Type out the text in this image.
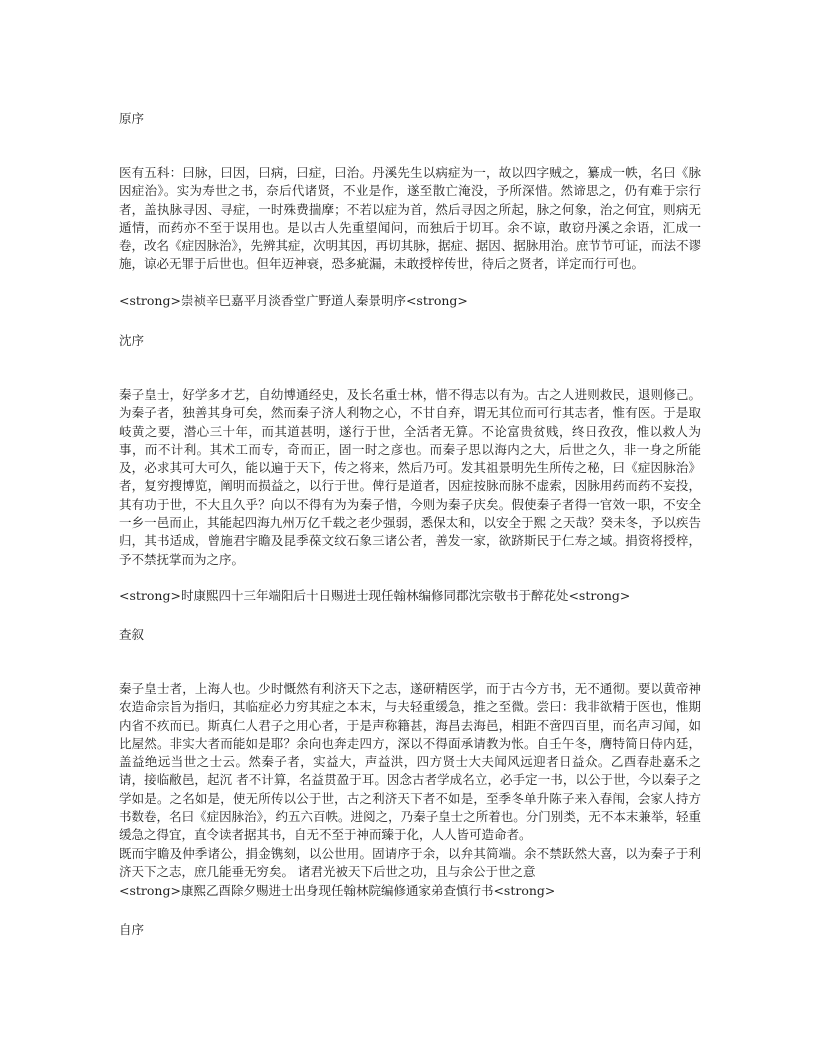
原序
医有五科：曰脉，曰因，曰病，曰症，曰治。丹溪先生以病症为一，故以四字贼之，纂成一帙，名曰《脉因症治》。实为寿世之书，奈后代诸贤，不业是作，遂至散亡淹没，予所深惜。然谛思之，仍有难于宗行者，盖执脉寻因、寻症，一时殊费揣摩；不若以症为首，然后寻因之所起，脉之何象，治之何宜，则病无遁情，而药亦不至于误用也。是以古人先重望闻问，而独后于切耳。余不谅，敢窃丹溪之余语，汇成一卷，改名《症因脉治》，先辨其症，次明其因，再切其脉，据症、据因、据脉用治。庶节节可证，而法不谬施，谅必无罪于后世也。但年迈神衰，恐多疵漏，未敢授梓传世，待后之贤者，详定而行可也。
<strong>崇祯辛巳嘉平月淡香堂广野道人秦景明序<strong>
沈序
秦子皇士，好学多才艺，自幼博通经史，及长名重士林，惜不得志以有为。古之人进则救民，退则修己。为秦子者，独善其身可矣，然而秦子济人利物之心，不甘自弃，谓无其位而可行其志者，惟有医。于是取岐黄之要，潜心三十年，而其道甚明，遂行于世，全活者无算。不论富贵贫贱，终日孜孜，惟以救人为事，而不计利。其术工而专，奇而正，固一时之彦也。而秦子思以海内之大，后世之久，非一身之所能及，必求其可大可久，能以遍于天下，传之将来，然后乃可。发其祖景明先生所传之秘，曰《症因脉治》者，复穷搜博览，阐明而损益之，以行于世。俾行是道者，因症按脉而脉不虚索，因脉用药而药不妄投，其有功于世，不大且久乎？向以不得有为为秦子惜，今则为秦子庆矣。假使秦子者得一官效一职，不安全一乡一邑而止，其能起四海九州万亿千载之老少强弱，悉保太和，以安全于熙 之天哉？癸未冬，予以疾告归，其书适成，曾施君宇瞻及昆季葆文纹石象三诸公者，善发一家，欲跻斯民于仁寿之域。捐资将授梓，予不禁抚掌而为之序。
<strong>时康熙四十三年端阳后十日赐进士现任翰林编修同郡沈宗敬书于醉花处<strong>
查叙
秦子皇士者，上海人也。少时慨然有利济天下之志，遂研精医学，而于古今方书，无不通彻。要以黄帝神农造命宗旨为指归，其临症必力穷其症之本末，与夫轻重缓急，推之至微。尝曰：我非欲精于医也，惟期内省不疚而已。斯真仁人君子之用心者，于是声称籍甚，海昌去海邑，相距不啻四百里，而名声习闻，如比屋然。非实大者而能如是耶？余向也奔走四方，深以不得面承请教为怅。自壬午冬，膺特简日侍内廷，盖益绝远当世之士云。然秦子者，实益大，声益洪，四方贤士大夫闻风远迎者日益众。乙酉春赴嘉禾之请，接临敝邑，起沉 者不计算，名益贯盈于耳。因念古者学成名立，必手定一书，以公于世，今以秦子之学如是。之名如是，使无所传以公于世，古之利济天下者不如是，至季冬单升陈子来入春闱，会家人持方书数卷，名曰《症因脉治》，约五六百帙。进阅之，乃秦子皇士之所着也。分门别类，无不本末兼举，轻重缓急之得宜，直令读者据其书，自无不至于神而臻于化，人人皆可造命者。
既而宇瞻及仲季诸公，捐金镌刻，以公世用。固请序于余，以弁其简端。余不禁跃然大喜，以为秦子于利济天下之志，庶几能垂无穷矣。 诸君光被天下后世之功，且与余公于世之意
<strong>康熙乙酉除夕赐进士出身现任翰林院编修通家弟查慎行书<strong>
自序
